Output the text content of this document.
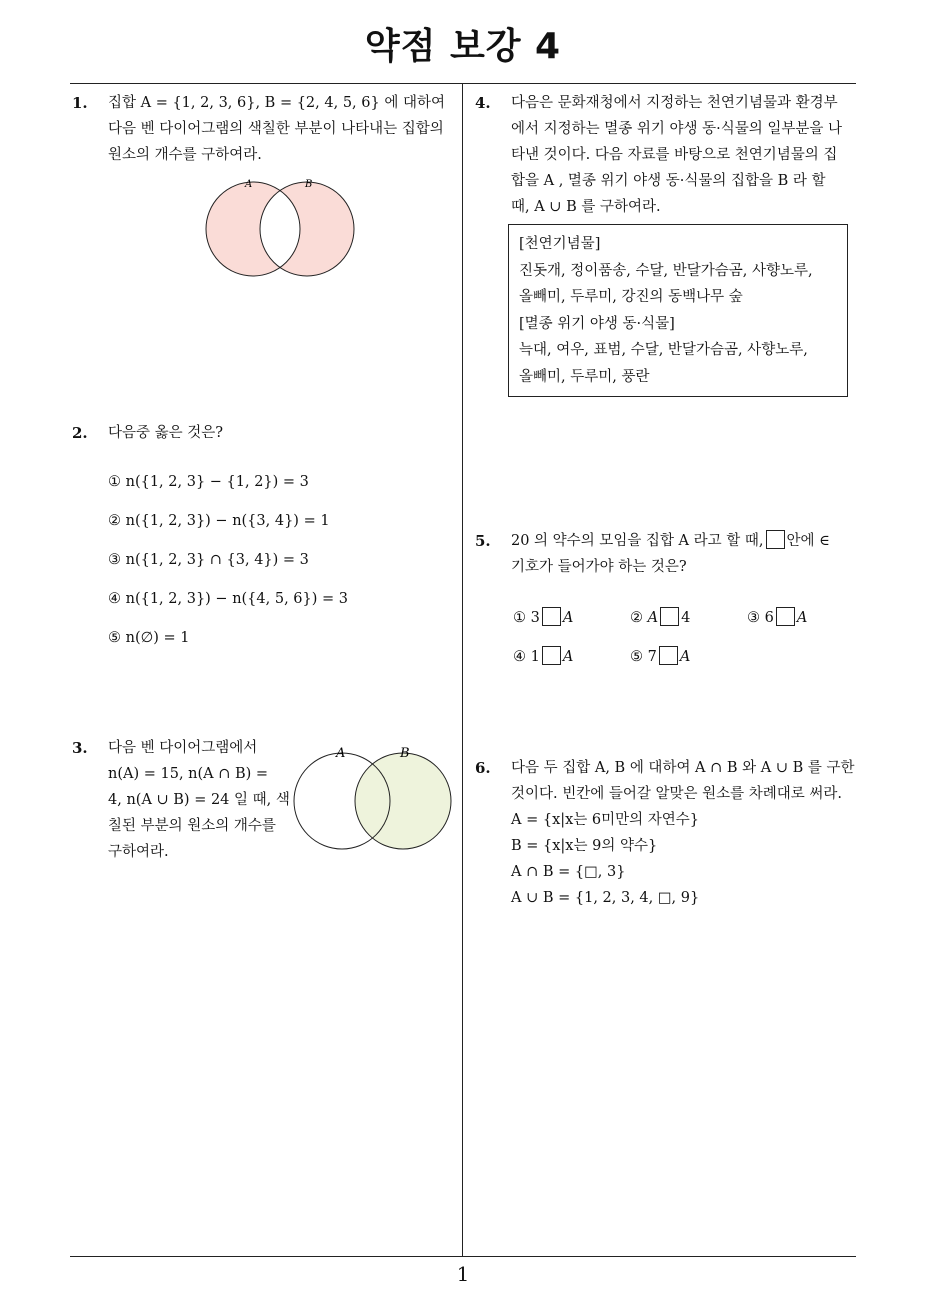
약점 보강 4
1. 집합 A = {1, 2, 3, 6}, B = {2, 4, 5, 6} 에 대하여

다음 벤 다이어그램의 색칠한 부분이 나타내는 집합의

원소의 개수를 구하여라.

A	B
2. 다음중 옳은 것은?

① n({1, 2, 3} − {1, 2}) = 3
② n({1, 2, 3}) − n({3, 4}) = 1
③ n({1, 2, 3} ∩ {3, 4}) = 3
④ n({1, 2, 3}) − n({4, 5, 6}) = 3
⑤ n(∅) = 1
3. 다음 벤 다이어그램에서

n(A) = 15, n(A ∩ B) =

4, n(A ∪ B) = 24 일 때, 색

칠된 부분의 원소의 개수를

구하여라.

A	B
4. 다음은 문화재청에서 지정하는 천연기념물과 환경부

에서 지정하는 멸종 위기 야생 동·식물의 일부분을 나

타낸 것이다. 다음 자료를 바탕으로 천연기념물의 집

합을 A , 멸종 위기 야생 동·식물의 집합을 B 라 할

때, A ∪ B 를 구하여라.

[천연기념물]

진돗개, 정이품송, 수달, 반달가슴곰, 사향노루,

올빼미, 두루미, 강진의 동백나무 숲

[멸종 위기 야생 동·식물]

늑대, 여우, 표범, 수달, 반달가슴곰, 사향노루,

올빼미, 두루미, 풍란

5. 20 의 약수의 모임을 집합 A 라고 할 때, 안에 ∈

기호가 들어가야 하는 것은?

① 3 A	② A 4	③ 6 A
④ 1 A	⑤ 7 A
6. 다음 두 집합 A, B 에 대하여 A ∩ B 와 A ∪ B 를 구한

것이다. 빈칸에 들어갈 알맞은 원소를 차례대로 써라.

A = {x|x는 6미만의 자연수}

B = {x|x는 9의 약수}

A ∩ B = {□, 3}

A ∪ B = {1, 2, 3, 4, □, 9}

1
